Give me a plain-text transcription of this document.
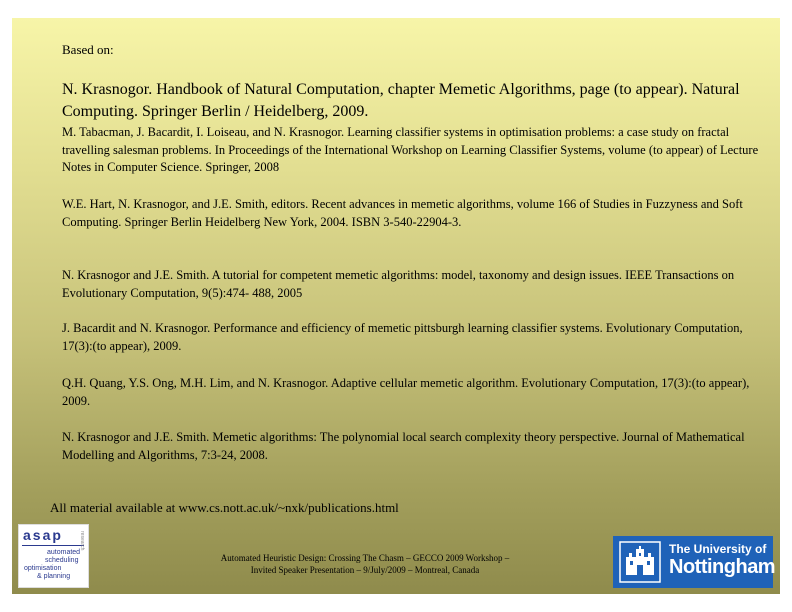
Based on:
N. Krasnogor. Handbook of Natural Computation, chapter Memetic Algorithms, page (to appear). Natural Computing. Springer Berlin / Heidelberg, 2009.
M. Tabacman, J. Bacardit, I. Loiseau, and N. Krasnogor. Learning classifier systems in optimisation problems: a case study on fractal travelling salesman problems. In Proceedings of the International Workshop on Learning Classifier Systems, volume (to appear) of Lecture Notes in Computer Science. Springer, 2008
W.E. Hart, N. Krasnogor, and J.E. Smith, editors. Recent advances in memetic algorithms, volume 166 of Studies in Fuzzyness and Soft Computing. Springer Berlin Heidelberg New York, 2004. ISBN 3-540-22904-3.
N. Krasnogor and J.E. Smith. A tutorial for competent memetic algorithms: model, taxonomy and design issues. IEEE Transactions on Evolutionary Computation, 9(5):474- 488, 2005
J. Bacardit and N. Krasnogor. Performance and efficiency of memetic pittsburgh learning classifier systems. Evolutionary Computation, 17(3):(to appear), 2009.
Q.H. Quang, Y.S. Ong, M.H. Lim, and N. Krasnogor. Adaptive cellular memetic algorithm. Evolutionary Computation, 17(3):(to appear), 2009.
N. Krasnogor and J.E. Smith. Memetic algorithms: The polynomial local search complexity theory perspective. Journal of Mathematical Modelling and Algorithms, 7:3-24, 2008.
All material available at www.cs.nott.ac.uk/~nxk/publications.html
Automated Heuristic Design: Crossing The Chasm – GECCO 2009 Workshop –
Invited Speaker Presentation – 9/July/2009 – Montreal, Canada
asap
automated
scheduling
optimisation
& planning
research	The University of
Nottingham
